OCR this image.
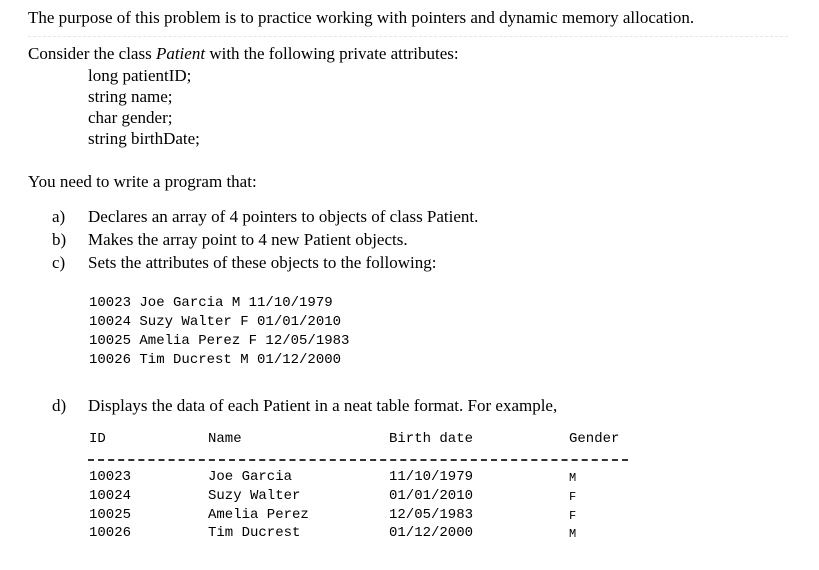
The purpose of this problem is to practice working with pointers and dynamic memory allocation.
Consider the class Patient with the following private attributes:
long patientID;
string name;
char gender;
string birthDate;
You need to write a program that:
a) Declares an array of 4 pointers to objects of class Patient.
b) Makes the array point to 4 new Patient objects.
c) Sets the attributes of these objects to the following:
10023 Joe Garcia M 11/10/1979
10024 Suzy Walter F 01/01/2010
10025 Amelia Perez F 12/05/1983
10026 Tim Ducrest M 01/12/2000
d) Displays the data of each Patient in a neat table format. For example,
ID	Name	Birth date	Gender
10023	Joe Garcia	11/10/1979	M
10024	Suzy Walter	01/01/2010	F
10025	Amelia Perez	12/05/1983	F
10026	Tim Ducrest	01/12/2000	M
